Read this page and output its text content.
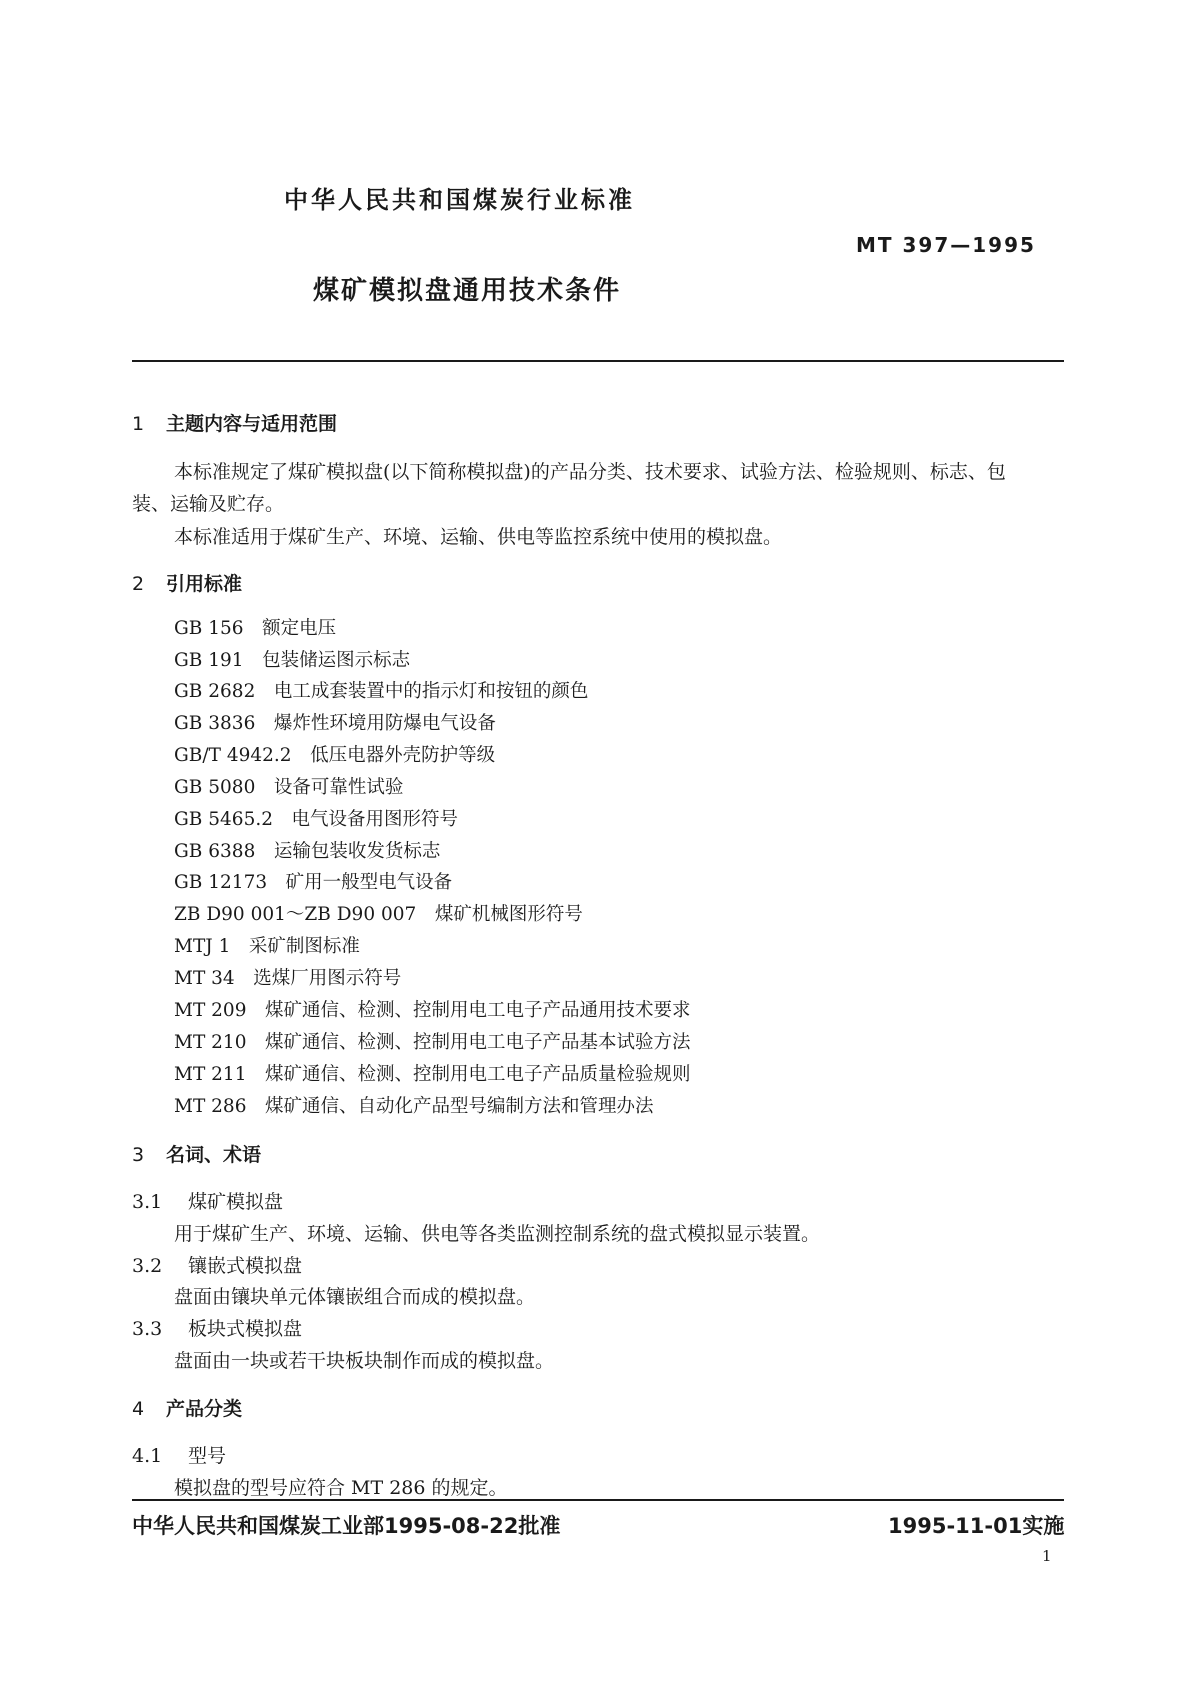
中华人民共和国煤炭行业标准
MT 397—1995
煤矿模拟盘通用技术条件
1 主题内容与适用范围
本标准规定了煤矿模拟盘(以下简称模拟盘)的产品分类、技术要求、试验方法、检验规则、标志、包
装、运输及贮存。
本标准适用于煤矿生产、环境、运输、供电等监控系统中使用的模拟盘。
2 引用标准
GB 156　 额定电压
GB 191　 包装储运图示标志
GB 2682　 电工成套装置中的指示灯和按钮的颜色
GB 3836　 爆炸性环境用防爆电气设备
GB/T 4942.2　 低压电器外壳防护等级
GB 5080　 设备可靠性试验
GB 5465.2　 电气设备用图形符号
GB 6388　 运输包装收发货标志
GB 12173　 矿用一般型电气设备
ZB D90 001～ZB D90 007　 煤矿机械图形符号
MTJ 1　 采矿制图标准
MT 34　 选煤厂用图示符号
MT 209　 煤矿通信、检测、控制用电工电子产品通用技术要求
MT 210　 煤矿通信、检测、控制用电工电子产品基本试验方法
MT 211　 煤矿通信、检测、控制用电工电子产品质量检验规则
MT 286　 煤矿通信、自动化产品型号编制方法和管理办法
3 名词、术语
3.1 煤矿模拟盘
用于煤矿生产、环境、运输、供电等各类监测控制系统的盘式模拟显示装置。
3.2 镶嵌式模拟盘
盘面由镶块单元体镶嵌组合而成的模拟盘。
3.3 板块式模拟盘
盘面由一块或若干块板块制作而成的模拟盘。
4 产品分类
4.1 型号
模拟盘的型号应符合 MT 286 的规定。
中华人民共和国煤炭工业部1995-08-22批准	1995-11-01实施
1
